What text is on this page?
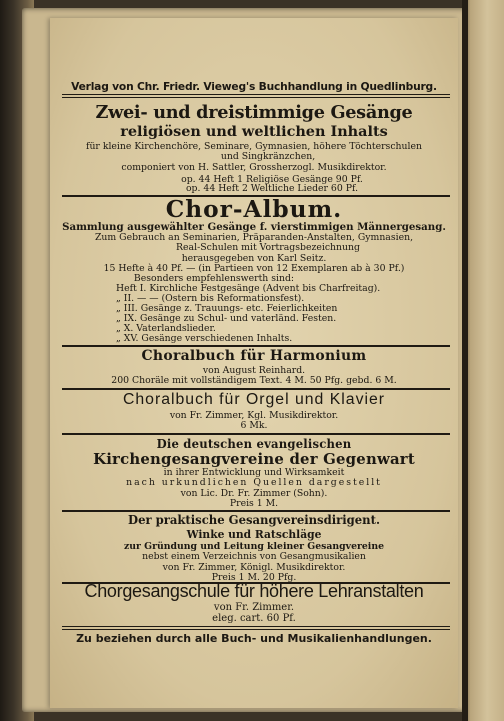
Verlag von Chr. Friedr. Vieweg's Buchhandlung in Quedlinburg.
Zwei- und dreistimmige Gesänge
religiösen und weltlichen Inhalts
für kleine Kirchenchöre, Seminare, Gymnasien, höhere Töchterschulen
und Singkränzchen,
componiert von H. Sattler, Grossherzogl. Musikdirektor.
op. 44 Heft 1 Religiöse Gesänge 90 Pf.
op. 44 Heft 2 Weltliche Lieder 60 Pf.
Chor-Album.
Sammlung ausgewählter Gesänge f. vierstimmigen Männergesang.
Zum Gebrauch an Seminarien, Präparanden-Anstalten, Gymnasien,
Real-Schulen mit Vortragsbezeichnung
herausgegeben von Karl Seitz.
15 Hefte à 40 Pf. — (in Partieen von 12 Exemplaren ab à 30 Pf.)
Besonders empfehlenswerth sind:
Heft I. Kirchliche Festgesänge (Advent bis Charfreitag).
„ II. — — (Ostern bis Reformationsfest).
„ III. Gesänge z. Trauungs- etc. Feierlichkeiten
„ IX. Gesänge zu Schul- und vaterländ. Festen.
„ X. Vaterlandslieder.
„ XV. Gesänge verschiedenen Inhalts.
Choralbuch für Harmonium
von August Reinhard.
200 Choräle mit vollständigem Text. 4 M. 50 Pfg. gebd. 6 M.
Choralbuch für Orgel und Klavier
von Fr. Zimmer, Kgl. Musikdirektor.
6 Mk.
Die deutschen evangelischen
Kirchengesangvereine der Gegenwart
in ihrer Entwicklung und Wirksamkeit
nach urkundlichen Quellen dargestellt
von Lic. Dr. Fr. Zimmer (Sohn).
Preis 1 M.
Der praktische Gesangvereinsdirigent.
Winke und Ratschläge
zur Gründung und Leitung kleiner Gesangvereine
nebst einem Verzeichnis von Gesangmusikalien
von Fr. Zimmer, Königl. Musikdirektor.
Preis 1 M. 20 Pfg.
Chorgesangschule für höhere Lehranstalten
von Fr. Zimmer.
eleg. cart. 60 Pf.
Zu beziehen durch alle Buch- und Musikalienhandlungen.
